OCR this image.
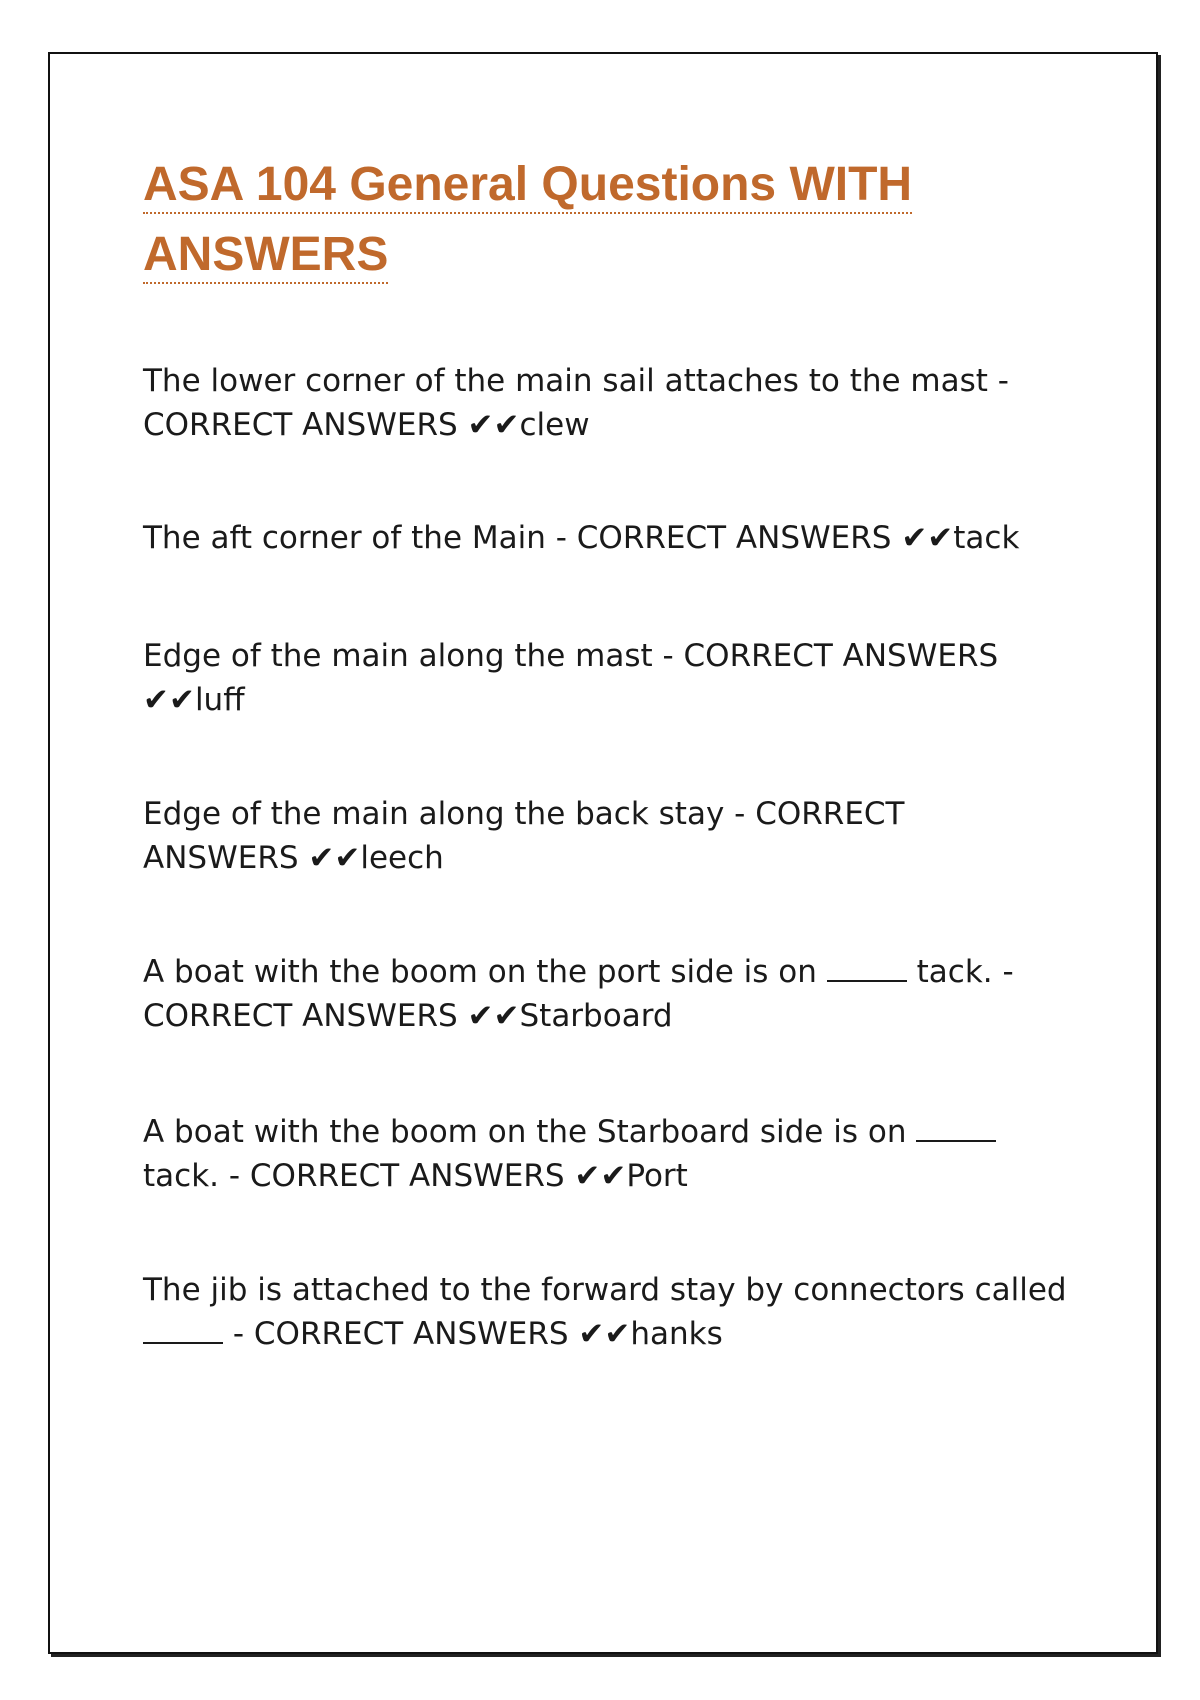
ASA 104 General Questions WITH ANSWERS

The lower corner of the main sail attaches to the mast -
CORRECT ANSWERS ✔✔clew

The aft corner of the Main - CORRECT ANSWERS ✔✔tack

Edge of the main along the mast - CORRECT ANSWERS
✔✔luff

Edge of the main along the back stay - CORRECT
ANSWERS ✔✔leech

A boat with the boom on the port side is on	tack. -
CORRECT ANSWERS ✔✔Starboard

A boat with the boom on the Starboard side is on
tack. - CORRECT ANSWERS ✔✔Port

The jib is attached to the forward stay by connectors called  - CORRECT ANSWERS ✔✔hanks
